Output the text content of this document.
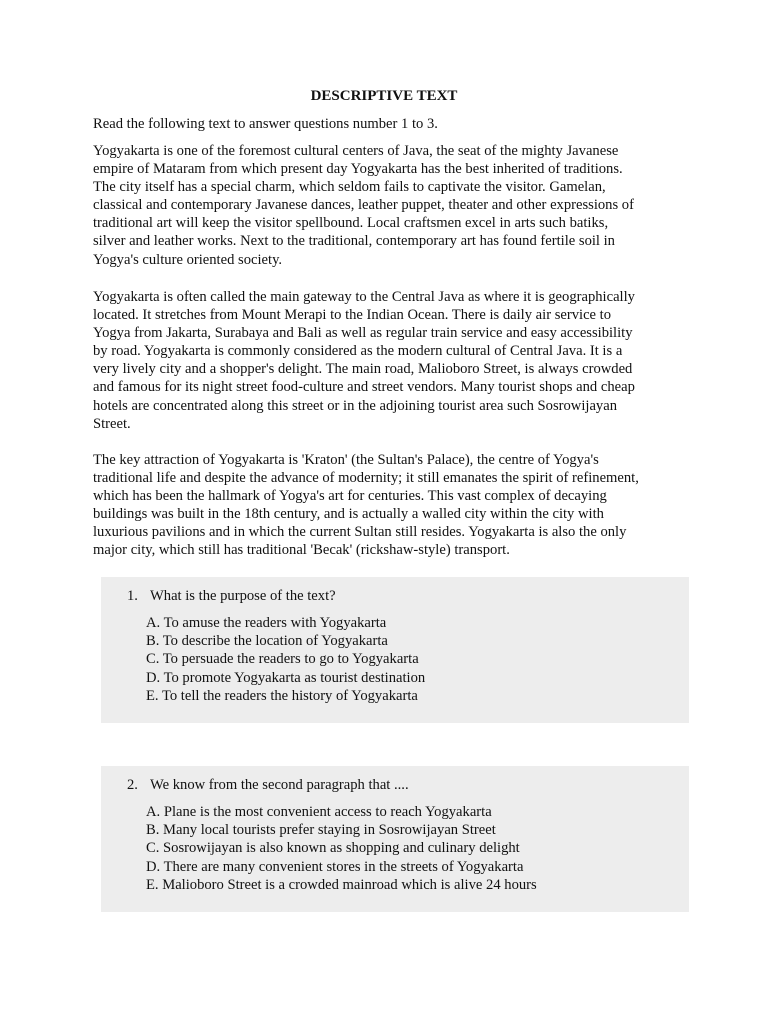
DESCRIPTIVE TEXT
Read the following text to answer questions number 1 to 3.

Yogyakarta is one of the foremost cultural centers of Java, the seat of the mighty Javanese
empire of Mataram from which present day Yogyakarta has the best inherited of traditions.
The city itself has a special charm, which seldom fails to captivate the visitor. Gamelan,
classical and contemporary Javanese dances, leather puppet, theater and other expressions of
traditional art will keep the visitor spellbound. Local craftsmen excel in arts such batiks,
silver and leather works. Next to the traditional, contemporary art has found fertile soil in
Yogya's culture oriented society.

Yogyakarta is often called the main gateway to the Central Java as where it is geographically
located. It stretches from Mount Merapi to the Indian Ocean. There is daily air service to
Yogya from Jakarta, Surabaya and Bali as well as regular train service and easy accessibility
by road. Yogyakarta is commonly considered as the modern cultural of Central Java. It is a
very lively city and a shopper's delight. The main road, Malioboro Street, is always crowded
and famous for its night street food-culture and street vendors. Many tourist shops and cheap
hotels are concentrated along this street or in the adjoining tourist area such Sosrowijayan
Street.

The key attraction of Yogyakarta is 'Kraton' (the Sultan's Palace), the centre of Yogya's
traditional life and despite the advance of modernity; it still emanates the spirit of refinement,
which has been the hallmark of Yogya's art for centuries. This vast complex of decaying
buildings was built in the 18th century, and is actually a walled city within the city with
luxurious pavilions and in which the current Sultan still resides. Yogyakarta is also the only
major city, which still has traditional 'Becak' (rickshaw-style) transport.

1. What is the purpose of the text?
A. To amuse the readers with Yogyakarta
B. To describe the location of Yogyakarta
C. To persuade the readers to go to Yogyakarta
D. To promote Yogyakarta as tourist destination
E. To tell the readers the history of Yogyakarta
2. We know from the second paragraph that ....
A. Plane is the most convenient access to reach Yogyakarta
B. Many local tourists prefer staying in Sosrowijayan Street
C. Sosrowijayan is also known as shopping and culinary delight
D. There are many convenient stores in the streets of Yogyakarta
E. Malioboro Street is a crowded mainroad which is alive 24 hours
